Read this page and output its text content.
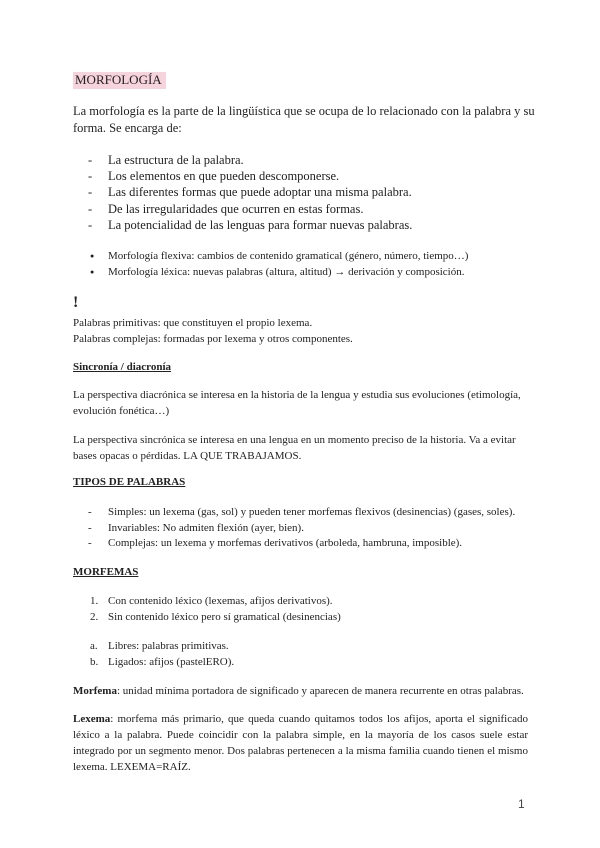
MORFOLOGÍA
La morfología es la parte de la lingüística que se ocupa de lo relacionado con la palabra y su
forma. Se encarga de:
- La estructura de la palabra.
- Los elementos en que pueden descomponerse.
- Las diferentes formas que puede adoptar una misma palabra.
- De las irregularidades que ocurren en estas formas.
- La potencialidad de las lenguas para formar nuevas palabras.
● Morfología flexiva: cambios de contenido gramatical (género, número, tiempo…)
● Morfología léxica: nuevas palabras (altura, altitud) → derivación y composición.
!
Palabras primitivas: que constituyen el propio lexema.
Palabras complejas: formadas por lexema y otros componentes.
Sincronía / diacronía
La perspectiva diacrónica se interesa en la historia de la lengua y estudia sus evoluciones (etimología, evolución fonética…)
La perspectiva sincrónica se interesa en una lengua en un momento preciso de la historia. Va a evitar bases opacas o pérdidas. LA QUE TRABAJAMOS.
TIPOS DE PALABRAS
- Simples: un lexema (gas, sol) y pueden tener morfemas flexivos (desinencias) (gases, soles).
- Invariables: No admiten flexión (ayer, bien).
- Complejas: un lexema y morfemas derivativos (arboleda, hambruna, imposible).
MORFEMAS
1. Con contenido léxico (lexemas, afijos derivativos).
2. Sin contenido léxico pero sí gramatical (desinencias)
a. Libres: palabras primitivas.
b. Ligados: afijos (pastelERO).
Morfema: unidad mínima portadora de significado y aparecen de manera recurrente en otras palabras.
Lexema: morfema más primario, que queda cuando quitamos todos los afijos, aporta el significado léxico a la palabra. Puede coincidir con la palabra simple, en la mayoría de los casos suele estar integrado por un segmento menor. Dos palabras pertenecen a la misma familia cuando tienen el mismo lexema. LEXEMA=RAÍZ.
1
